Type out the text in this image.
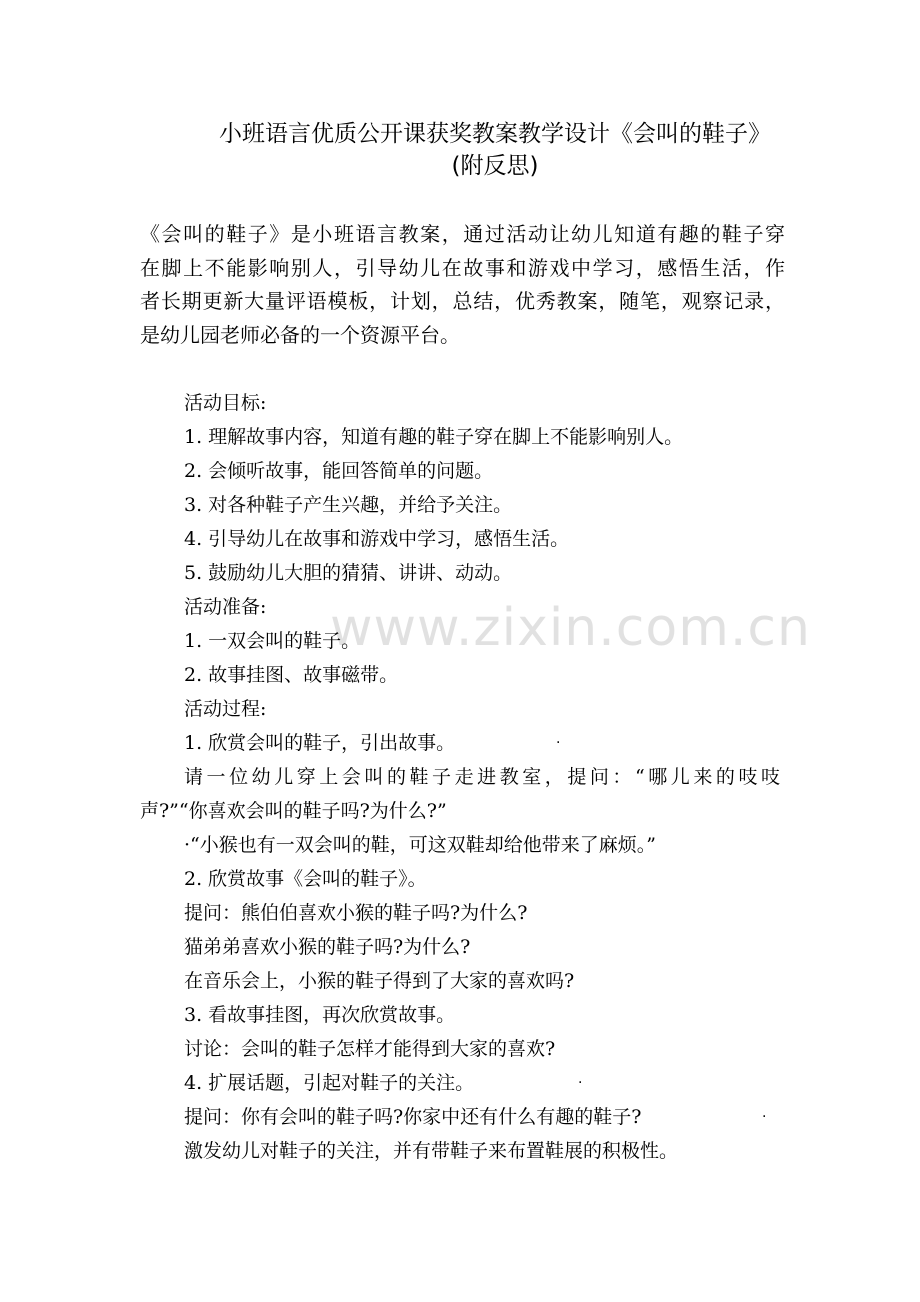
www.zixin.com.cn
小班语言优质公开课获奖教案教学设计《会叫的鞋子》
(附反思)
《会叫的鞋子》是小班语言教案，通过活动让幼儿知道有趣的鞋子穿
在脚上不能影响别人，引导幼儿在故事和游戏中学习，感悟生活，作
者长期更新大量评语模板，计划，总结，优秀教案，随笔，观察记录，
是幼儿园老师必备的一个资源平台。
活动目标:
1. 理解故事内容，知道有趣的鞋子穿在脚上不能影响别人。
2. 会倾听故事，能回答简单的问题。
3. 对各种鞋子产生兴趣，并给予关注。
4. 引导幼儿在故事和游戏中学习，感悟生活。
5. 鼓励幼儿大胆的猜猜、讲讲、动动。
活动准备:
1. 一双会叫的鞋子。
2. 故事挂图、故事磁带。
活动过程:
1. 欣赏会叫的鞋子，引出故事。	·
请一位幼儿穿上会叫的鞋子走进教室，提问：“哪儿来的吱吱
声?”“你喜欢会叫的鞋子吗?为什么?”
·“小猴也有一双会叫的鞋，可这双鞋却给他带来了麻烦。”
2. 欣赏故事《会叫的鞋子》。
提问：熊伯伯喜欢小猴的鞋子吗?为什么?
猫弟弟喜欢小猴的鞋子吗?为什么?
在音乐会上，小猴的鞋子得到了大家的喜欢吗?
3. 看故事挂图，再次欣赏故事。
讨论：会叫的鞋子怎样才能得到大家的喜欢?
4. 扩展话题，引起对鞋子的关注。	·
提问：你有会叫的鞋子吗?你家中还有什么有趣的鞋子?	·
激发幼儿对鞋子的关注，并有带鞋子来布置鞋展的积极性。
